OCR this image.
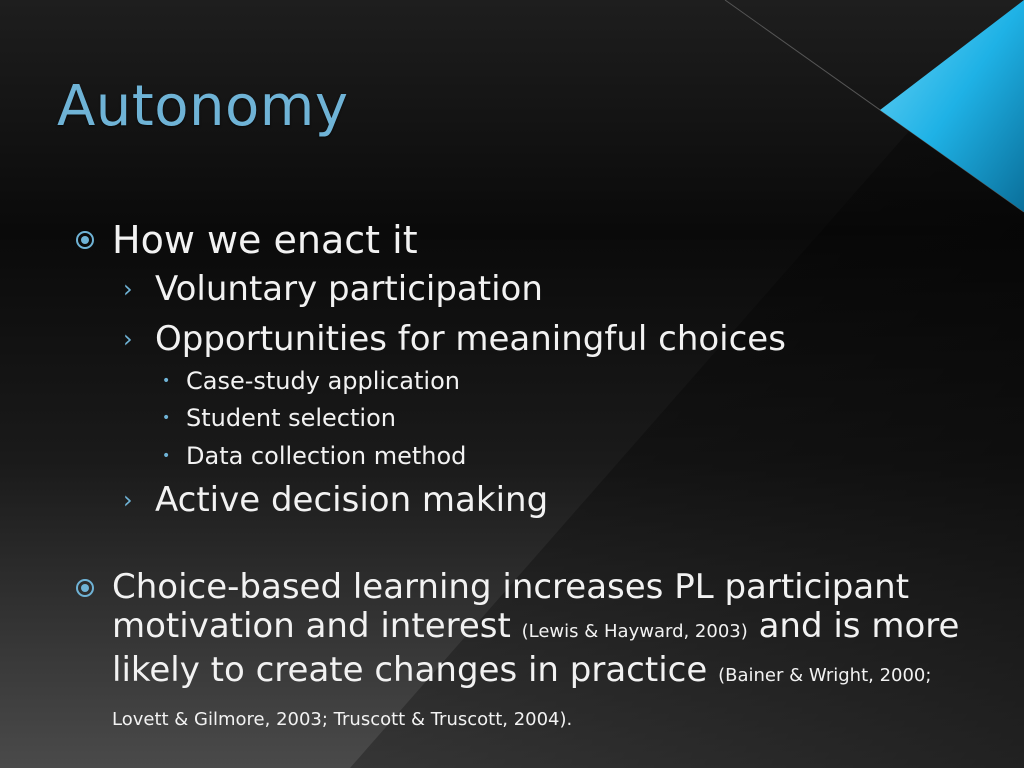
Autonomy
How we enact it
› Voluntary participation
› Opportunities for meaningful choices
• Case-study application
• Student selection
• Data collection method
› Active decision making
Choice-based learning increases PL participant motivation and interest (Lewis & Hayward, 2003) and is more likely to create changes in practice (Bainer & Wright, 2000; Lovett & Gilmore, 2003; Truscott & Truscott, 2004).
